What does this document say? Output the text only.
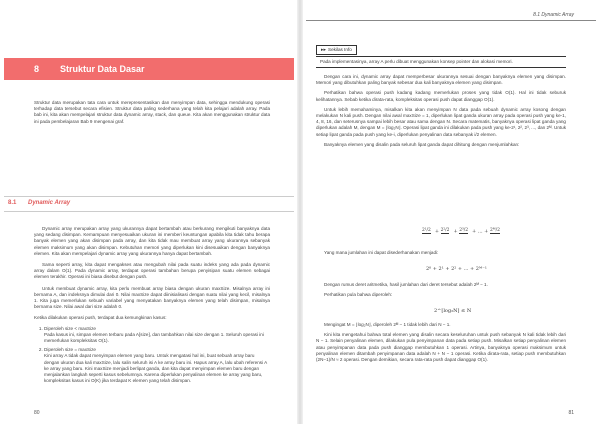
8 Struktur Data Dasar

Struktur data merupakan tata cara untuk merepresentasikan dan menyimpan data, sehingga mendukung operasi terhadap data tersebut secara efisien. Struktur data paling sederhana yang telah kita pelajari adalah array. Pada bab ini, kita akan mempelajari struktur data dynamic array, stack, dan queue. Kita akan menggunakan struktur data ini pada pembelajaran Bab 9 mengenai graf.

8.1 Dynamic Array

Dynamic array merupakan array yang ukurannya dapat bertambah atau berkurang mengikuti banyaknya data yang sedang disimpan. Kemampuan menyesuaikan ukuran ini memberi keuntungan apabila kita tidak tahu berapa banyak elemen yang akan disimpan pada array, dan kita tidak mau membuat array yang ukurannya sebanyak elemen maksimum yang akan disimpan. Kebutuhan memori yang diperlukan kini disesuaikan dengan banyaknya elemen. Kita akan mempelajari dynamic array yang ukurannya hanya dapat bertambah.

Sama seperti array, kita dapat mengakses atau mengubah nilai pada suatu indeks yang ada pada dynamic array dalam O(1). Pada dynamic array, terdapat operasi tambahan berupa penyisipan suatu elemen sebagai elemen terakhir. Operasi ini biasa disebut dengan push.

Untuk membuat dynamic array, kita perlu membuat array biasa dengan ukuran maxSize. Misalnya array ini bernama A, dan indeksnya dimulai dari 0. Nilai maxSize dapat diinisialisasi dengan suatu nilai yang kecil, misalnya 1. Kita juga memerlukan sebuah variabel yang menyatakan banyaknya elemen yang telah disimpan, misalnya bernama size. Nilai awal dari size adalah 0.

Ketika dilakukan operasi push, terdapat dua kemungkinan kasus:

1. Diperoleh size < maxSize
Pada kasus ini, simpan elemen terbaru pada A[size], dan tambahkan nilai size dengan 1. Seluruh operasi ini memerlukan kompleksitas O(1).
2. Diperoleh size = maxSize
Kini array A tidak dapat menyimpan elemen yang baru. Untuk mengatasi hal ini, buat sebuah array baru dengan ukuran dua kali maxSize, lalu salin seluruh isi A ke array baru ini. Hapus array A, lalu ubah referensi A ke array yang baru. Kini maxSize menjadi berlipat ganda, dan kita dapat menyimpan elemen baru dengan menjalankan langkah seperti kasus sebelumnya. Karena diperlukan penyalinan elemen ke array yang baru, kompleksitas kasus ini O(K) jika terdapat K elemen yang telah disimpan.
80
8.1 Dynamic Array
▸▸ Sekilas Info
Pada implementasinya, array A perlu dibuat menggunakan konsep pointer dan alokasi memori.

Dengan cara ini, dynamic array dapat memperbesar ukurannya sesuai dengan banyaknya elemen yang disimpan. Memori yang dibutuhkan paling banyak sebesar dua kali banyaknya elemen yang disimpan.

Perhatikan bahwa operasi push kadang kadang memerlukan proses yang tidak O(1). Hal ini tidak seburuk kelihatannya. Sebab ketika dirata-rata, kompleksitas operasi push dapat dianggap O(1).

Untuk lebih memahaminya, misalkan kita akan menyimpan N data pada sebuah dynamic array kosong dengan melakukan N kali push. Dengan nilai awal maxSize = 1, diperlukan lipat ganda ukuran array pada operasi push yang ke-1, 4, 8, 16, dan seterusnya sampai lebih besar atau sama dengan N. Secara matematis, banyaknya operasi lipat ganda yang diperlukan adalah M, dengan M = ⌊log₂N⌋. Operasi lipat ganda ini dilakukan pada push yang ke-2¹, 2², 2³, ..., dan 2ᴹ. Untuk setiap lipat ganda pada push yang ke-i, diperlukan penyalinan data sebanyak i/2 elemen.

Banyaknya elemen yang disalin pada seluruh lipat ganda dapat dihitung dengan menjumlahkan:

2¹/2 + 2²/2 + 2³/2 + ... + 2ᴹ/2

Yang mana jumlahan ini dapat disederhanakan menjadi:

2⁰ + 2¹ + 2² + ... + 2ᴹ⁻¹

Dengan rumus deret aritmetika, hasil jumlahan dari deret tersebut adalah 2ᴹ − 1.

Perhatikan pula bahwa diperoleh:

2^⌊log₂N⌋ ≤ N

Mengingat M = ⌊log₂N⌋, diperoleh 2ᴹ − 1 tidak lebih dari N − 1.

Kini kita mengetahui bahwa total elemen yang disalin secara keseluruhan untuk push sebanyak N kali tidak lebih dari N − 1. Selain penyalinan elemen, dilakukan pula penyimpanan data pada setiap push. Misalkan setiap penyalinan elemen atau penyimpanan data pada push dianggap membutuhkan 1 operasi. Artinya, banyaknya operasi maksimum untuk penyalinan elemen ditambah penyimpanan data adalah N + N − 1 operasi. Ketika dirata-rata, setiap push membutuhkan (2N−1)/N ≈ 2 operasi. Dengan demikian, secara rata-rata push dapat dianggap O(1).

81
